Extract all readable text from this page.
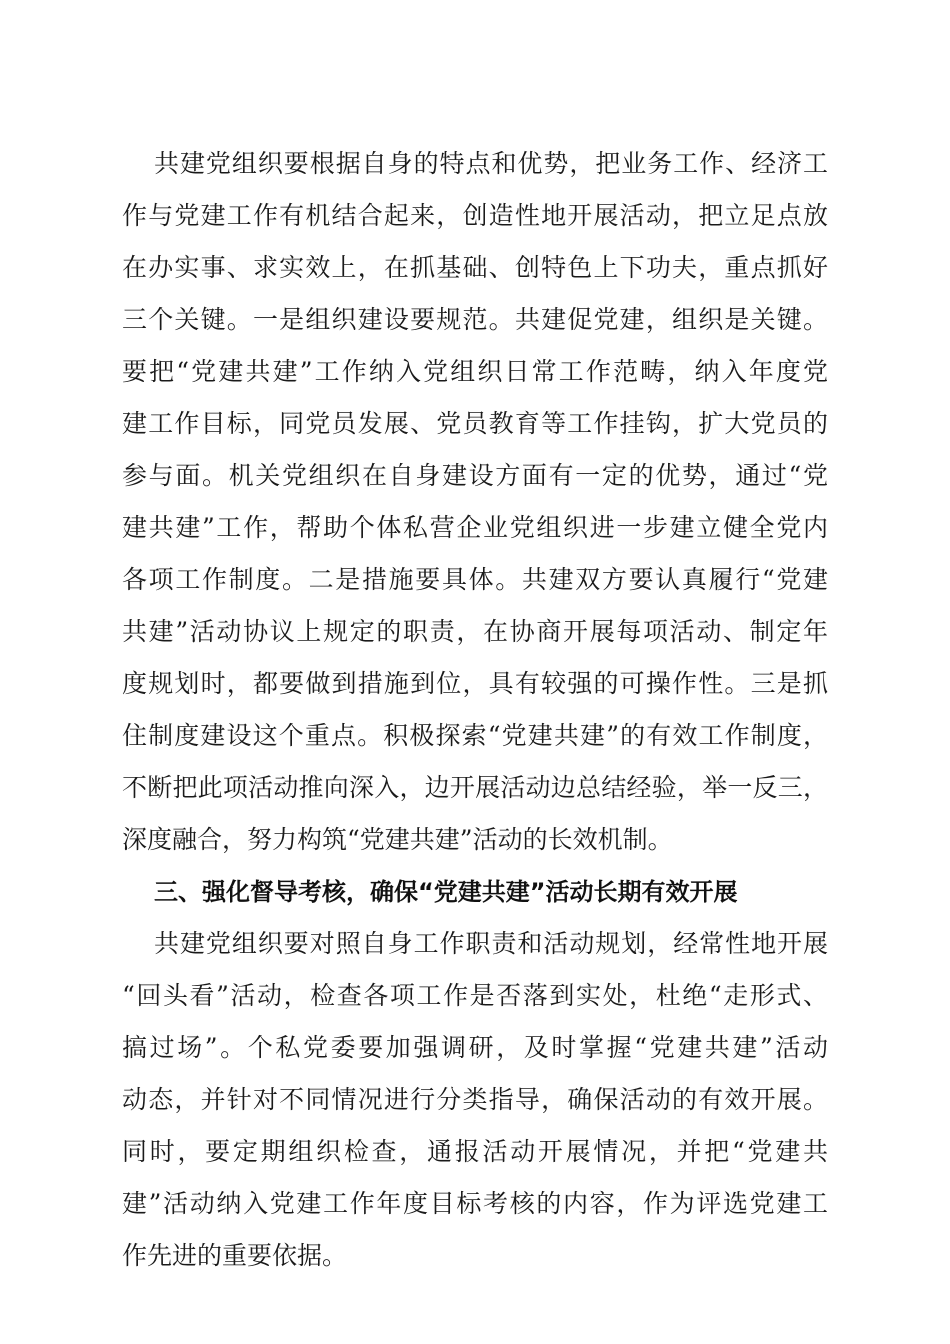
共建党组织要根据自身的特点和优势，把业务工作、经济工
作与党建工作有机结合起来，创造性地开展活动，把立足点放
在办实事、求实效上，在抓基础、创特色上下功夫，重点抓好
三个关键。一是组织建设要规范。共建促党建，组织是关键。
要把“党建共建”工作纳入党组织日常工作范畴，纳入年度党
建工作目标，同党员发展、党员教育等工作挂钩，扩大党员的
参与面。机关党组织在自身建设方面有一定的优势，通过“党
建共建”工作，帮助个体私营企业党组织进一步建立健全党内
各项工作制度。二是措施要具体。共建双方要认真履行“党建
共建”活动协议上规定的职责，在协商开展每项活动、制定年
度规划时，都要做到措施到位，具有较强的可操作性。三是抓
住制度建设这个重点。积极探索“党建共建”的有效工作制度，
不断把此项活动推向深入，边开展活动边总结经验，举一反三，
深度融合，努力构筑“党建共建”活动的长效机制。
三、强化督导考核，确保“党建共建”活动长期有效开展
共建党组织要对照自身工作职责和活动规划，经常性地开展
“回头看”活动，检查各项工作是否落到实处，杜绝“走形式、
搞过场”。个私党委要加强调研，及时掌握“党建共建”活动
动态，并针对不同情况进行分类指导，确保活动的有效开展。
同时，要定期组织检查，通报活动开展情况，并把“党建共
建”活动纳入党建工作年度目标考核的内容，作为评选党建工
作先进的重要依据。
